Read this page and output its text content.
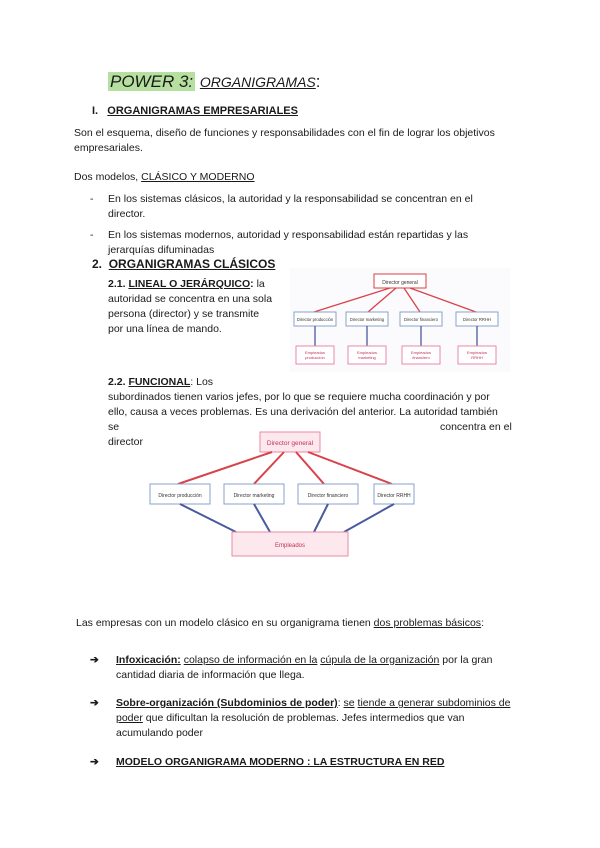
POWER 3: ORGANIGRAMAS:
I. ORGANIGRAMAS EMPRESARIALES
Son el esquema, diseño de funciones y responsabilidades con el fin de lograr los objetivos
empresariales.
Dos modelos, CLÁSICO Y MODERNO
-	En los sistemas clásicos, la autoridad y la responsabilidad se concentran en el
director.
-	En los sistemas modernos, autoridad y responsabilidad están repartidas y las
jerarquías difuminadas
2. ORGANIGRAMAS CLÁSICOS
2.1. LINEAL O JERÁRQUICO: la
autoridad se concentra en una sola
persona (director) y se transmite
por una línea de mando.
Director general
Director producción	Director marketing	Director financiero	Director RRHH
Empleados
producción
Empleados
marketing
Empleados
financiero
Empleados
RRHH
2.2. FUNCIONAL: Los
subordinados tienen varios jefes, por lo que se requiere mucha coordinación y por
ello, causa a veces problemas. Es una derivación del anterior. La autoridad también
se	concentra en el
director	Director general
Director producción	Director marketing	Director financiero	Director RRHH
Empleados
Las empresas con un modelo clásico en su organigrama tienen dos problemas básicos:
➔	Infoxicación: colapso de información en la cúpula de la organización por la gran
cantidad diaria de información que llega.
➔	Sobre-organización (Subdominios de poder): se tiende a generar subdominios de
poder que dificultan la resolución de problemas. Jefes intermedios que van
acumulando poder
➔	MODELO ORGANIGRAMA MODERNO : LA ESTRUCTURA EN RED
